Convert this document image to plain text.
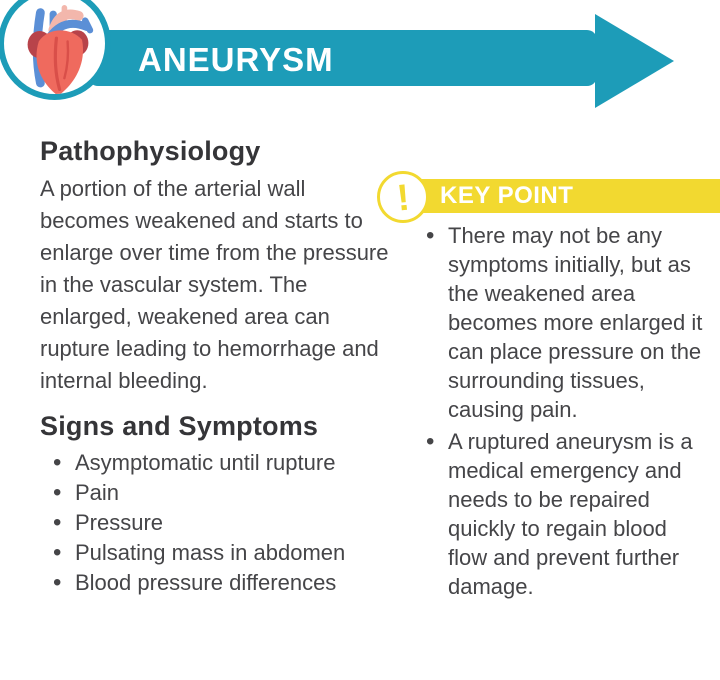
ANEURYSM
Pathophysiology

A portion of the arterial wall becomes weakened and starts to enlarge over time from the pressure in the vascular system. The enlarged, weakened area can rupture leading to hemorrhage and internal bleeding.

Signs and Symptoms
• Asymptomatic until rupture
• Pain
• Pressure
• Pulsating mass in abdomen
• Blood pressure differences
KEY POINT
!
• There may not be any symptoms initially, but as the weakened area becomes more enlarged it can place pressure on the surrounding tissues, causing pain.
• A ruptured aneurysm is a medical emergency and needs to be repaired quickly to regain blood flow and prevent further damage.
